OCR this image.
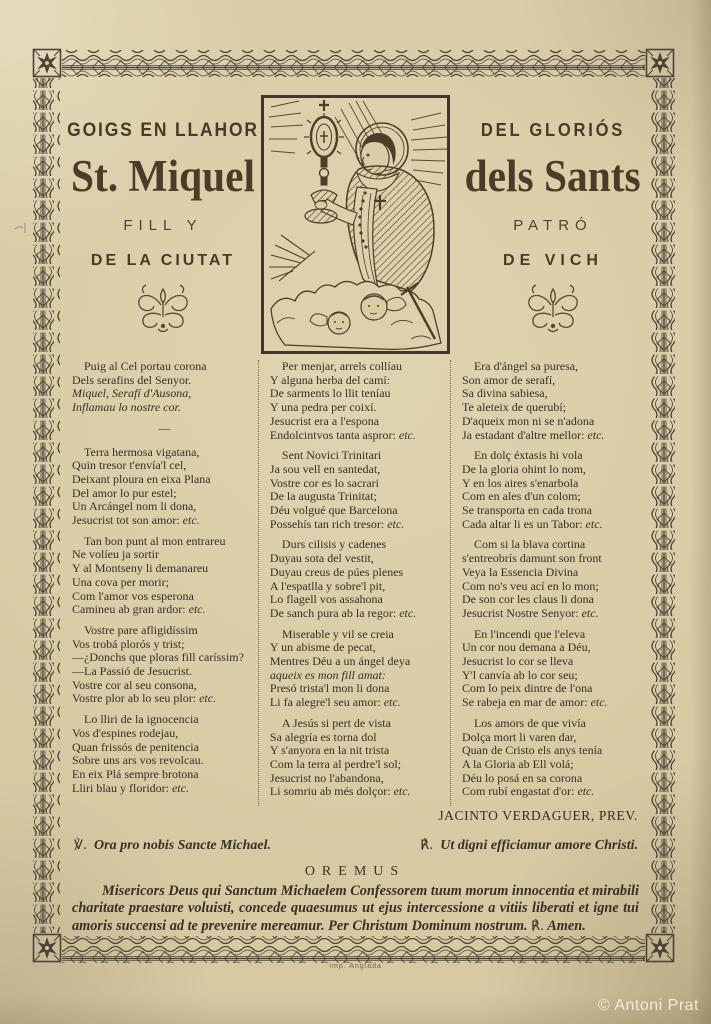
GOIGS EN LLAHOR
St. Miquel
FILL Y
DE LA CIUTAT
DEL GLORIÓS
dels Sants
PATRÓ
DE VICH
Puig al Cel portau corona
Dels serafins del Senyor.
Miquel, Serafí d'Ausona,
Inflamau lo nostre cor.
—
Terra hermosa vigatana,
Quin tresor t'envía'l cel,
Deixant ploura en eixa Plana
Del amor lo pur estel;
Un Arcángel nom li dona,
Jesucrist tot son amor: etc.
Tan bon punt al mon entrareu
Ne volíeu ja sortir
Y al Montseny li demanareu
Una cova per morir;
Com l'amor vos esperona
Camineu ab gran ardor: etc.
Vostre pare afligidíssim
Vos trobá plorós y trist;
—¿Donchs que ploras fill caríssim?
—La Passió de Jesucrist.
Vostre cor al seu consona,
Vostre plor ab lo seu plor: etc.
Lo lliri de la ignocencia
Vos d'espines rodejau,
Quan frissós de penitencia
Sobre uns ars vos revolcau.
En eix Plá sempre brotona
Lliri blau y floridor: etc.
Per menjar, arrels collíau
Y alguna herba del camí:
De sarments lo llit teníau
Y una pedra per coixí.
Jesucrist era a l'espona
Endolcintvos tanta aspror: etc.
Sent Novici Trinitari
Ja sou vell en santedat,
Vostre cor es lo sacrari
De la augusta Trinitat;
Déu volgué que Barcelona
Possehís tan rich tresor: etc.
Durs cilisis y cadenes
Duyau sota del vestit,
Duyau creus de púes plenes
A l'espatlla y sobre'l pit,
Lo flagell vos assahona
De sanch pura ab la regor: etc.
Miserable y vil se creia
Y un abisme de pecat,
Mentres Déu a un ángel deya
aqueix es mon fill amat:
Presó trista'l mon li dona
Li fa alegre'l seu amor: etc.
A Jesús si pert de vista
Sa alegría es torna dol
Y s'anyora en la nit trista
Com la terra al perdre'l sol;
Jesucrist no l'abandona,
Li somriu ab més dolçor: etc.
Era d'ángel sa puresa,
Son amor de serafí,
Sa divina sabiesa,
Te aleteix de querubí;
D'aqueix mon ni se n'adona
Ja estadant d'altre mellor: etc.
En dolç éxtasis hi vola
De la gloria ohint lo nom,
Y en los aires s'enarbola
Com en ales d'un colom;
Se transporta en cada trona
Cada altar li es un Tabor: etc.
Com si la blava cortina
s'entreobrís damunt son front
Veya la Essencia Divina
Com no's veu ací en lo mon;
De son cor les claus li dona
Jesucrist Nostre Senyor: etc.
En l'incendi que l'eleva
Un cor nou demana a Déu,
Jesucrist lo cor se lleva
Y'l canvía ab lo cor seu;
Com lo peix dintre de l'ona
Se rabeja en mar de amor: etc.
Los amors de que vivía
Dolça mort li varen dar,
Quan de Cristo els anys tenía
A la Gloria ab Ell volá;
Déu lo posá en sa corona
Com rubí engastat d'or: etc.
JACINTO VERDAGUER, PREV.
℣. Ora pro nobis Sancte Michael.	℟. Ut digni efficiamur amore Christi.
OREMUS
Misericors Deus qui Sanctum Michaelem Confessorem tuum morum innocentia et mirabili charitate praestare voluisti, concede quaesumus ut ejus intercessione a vitiis liberati et igne tui amoris succensi ad te prevenire mereamur. Per Christum Dominum nostrum. ℟. Amen.
Imp. Anglada
© Antoni Prat
